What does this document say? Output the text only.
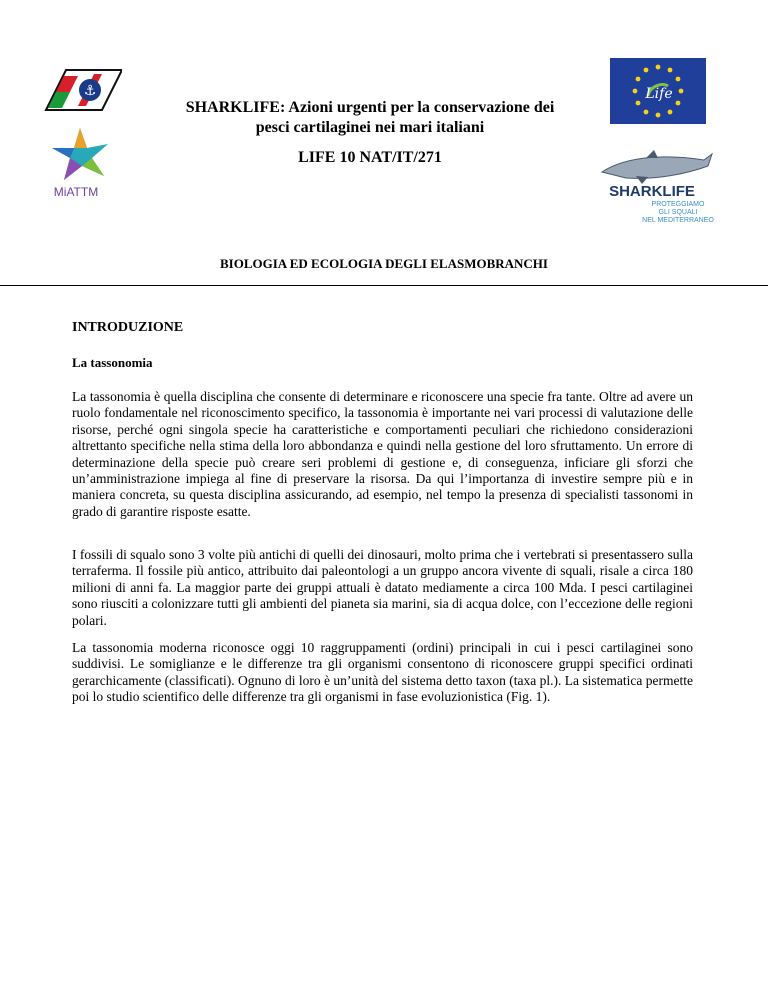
⚓
MiATTM
Life
SHARKLIFE
PROTEGGIAMO
GLI SQUALI
NEL MEDITERRANEO
SHARKLIFE: Azioni urgenti per la conservazione dei
pesci cartilaginei nei mari italiani
LIFE 10 NAT/IT/271
BIOLOGIA ED ECOLOGIA DEGLI ELASMOBRANCHI
INTRODUZIONE
La tassonomia
La tassonomia è quella disciplina che consente di determinare e riconoscere una specie fra tante. Oltre ad avere un ruolo fondamentale nel riconoscimento specifico, la tassonomia è importante nei vari processi di valutazione delle risorse, perché ogni singola specie ha caratteristiche e comportamenti peculiari che richiedono considerazioni altrettanto specifiche nella stima della loro abbondanza e quindi nella gestione del loro sfruttamento. Un errore di determinazione della specie può creare seri problemi di gestione e, di conseguenza, inficiare gli sforzi che un’amministrazione impiega al fine di preservare la risorsa. Da qui l’importanza di investire sempre più e in maniera concreta, su questa disciplina assicurando, ad esempio, nel tempo la presenza di specialisti tassonomi in grado di garantire risposte esatte.
I fossili di squalo sono 3 volte più antichi di quelli dei dinosauri, molto prima che i vertebrati si presentassero sulla terraferma. Il fossile più antico, attribuito dai paleontologi a un gruppo ancora vivente di squali, risale a circa 180 milioni di anni fa. La maggior parte dei gruppi attuali è datato mediamente a circa 100 Mda. I pesci cartilaginei sono riusciti a colonizzare tutti gli ambienti del pianeta sia marini, sia di acqua dolce, con l’eccezione delle regioni polari.
La tassonomia moderna riconosce oggi 10 raggruppamenti (ordini) principali in cui i pesci cartilaginei sono suddivisi. Le somiglianze e le differenze tra gli organismi consentono di riconoscere gruppi specifici ordinati gerarchicamente (classificati). Ognuno di loro è un’unità del sistema detto taxon (taxa pl.). La sistematica permette poi lo studio scientifico delle differenze tra gli organismi in fase evoluzionistica (Fig. 1).
